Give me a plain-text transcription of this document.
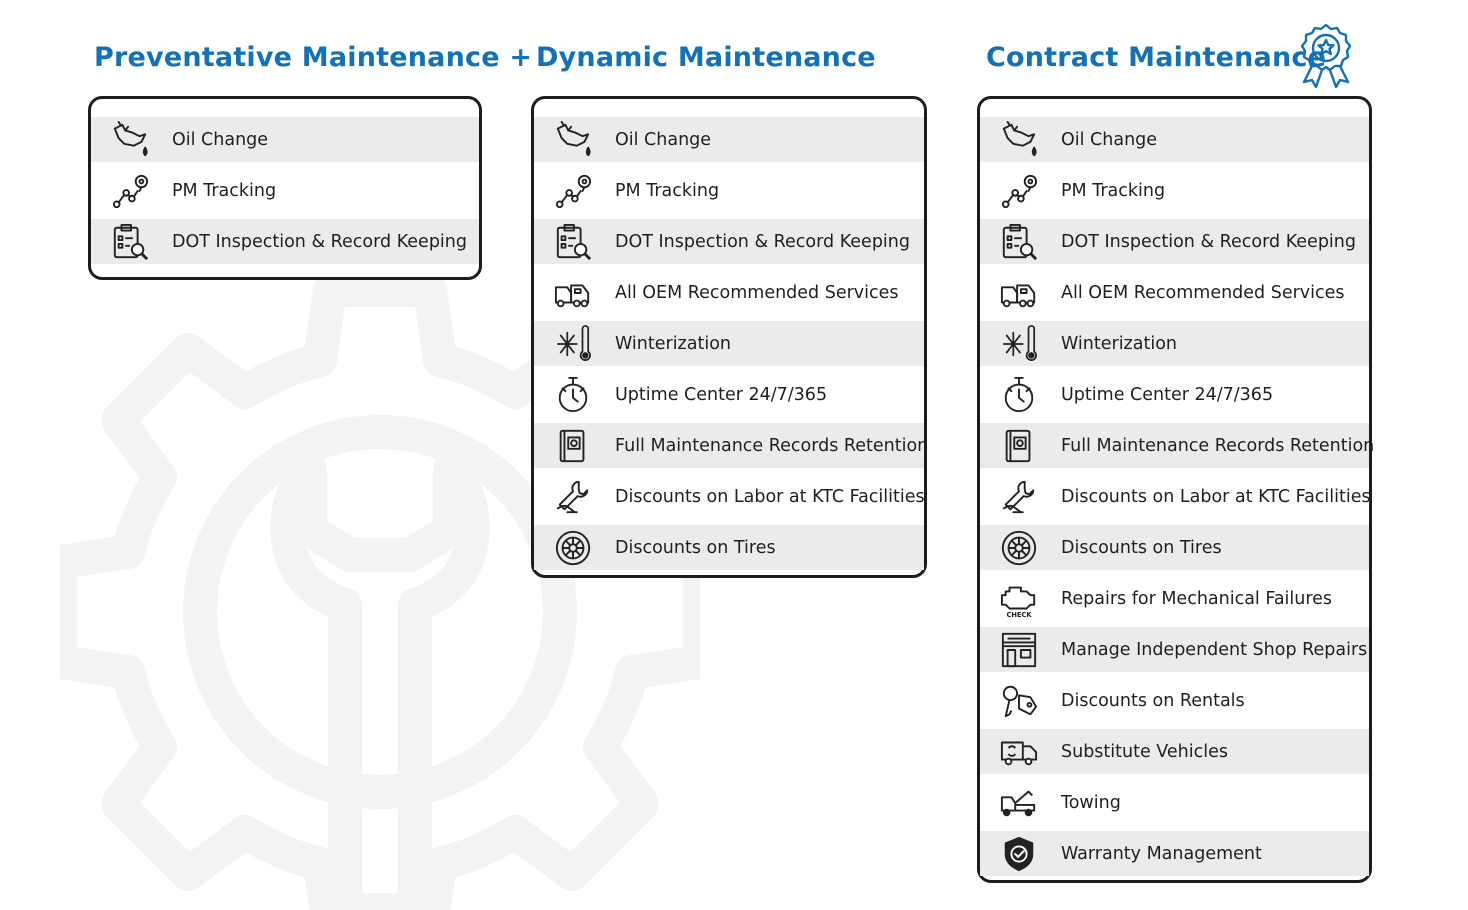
Preventative Maintenance + Dynamic Maintenance	Contract Maintenance
Oil Change
PM Tracking
DOT Inspection & Record Keeping
Oil Change
PM Tracking
DOT Inspection & Record Keeping
All OEM Recommended Services
Winterization
Uptime Center 24/7/365
Full Maintenance Records Retention
Discounts on Labor at KTC Facilities
Discounts on Tires
Oil Change
PM Tracking
DOT Inspection & Record Keeping
All OEM Recommended Services
Winterization
Uptime Center 24/7/365
Full Maintenance Records Retention
Discounts on Labor at KTC Facilities
Discounts on Tires
CHECK
Repairs for Mechanical Failures
Manage Independent Shop Repairs
Discounts on Rentals
Substitute Vehicles
Towing
Warranty Management
